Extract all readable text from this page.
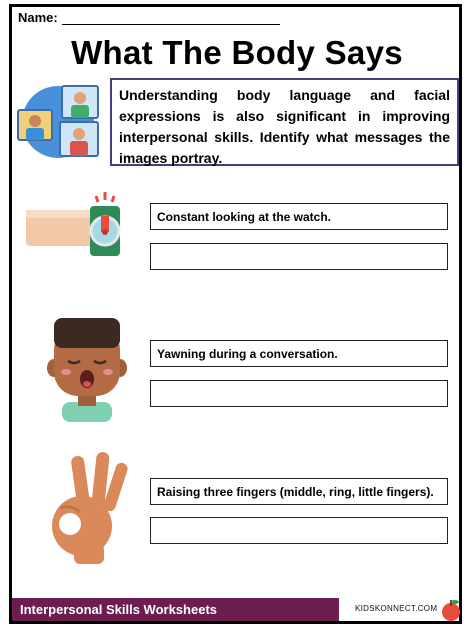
Name:
What The Body Says
Understanding body language and facial expressions is also significant in improving interpersonal skills. Identify what messages the images portray.
Constant looking at the watch.
Yawning during a conversation.
Raising three fingers (middle, ring, little fingers).
Interpersonal Skills Worksheets	KIDSKONNECT.COM
